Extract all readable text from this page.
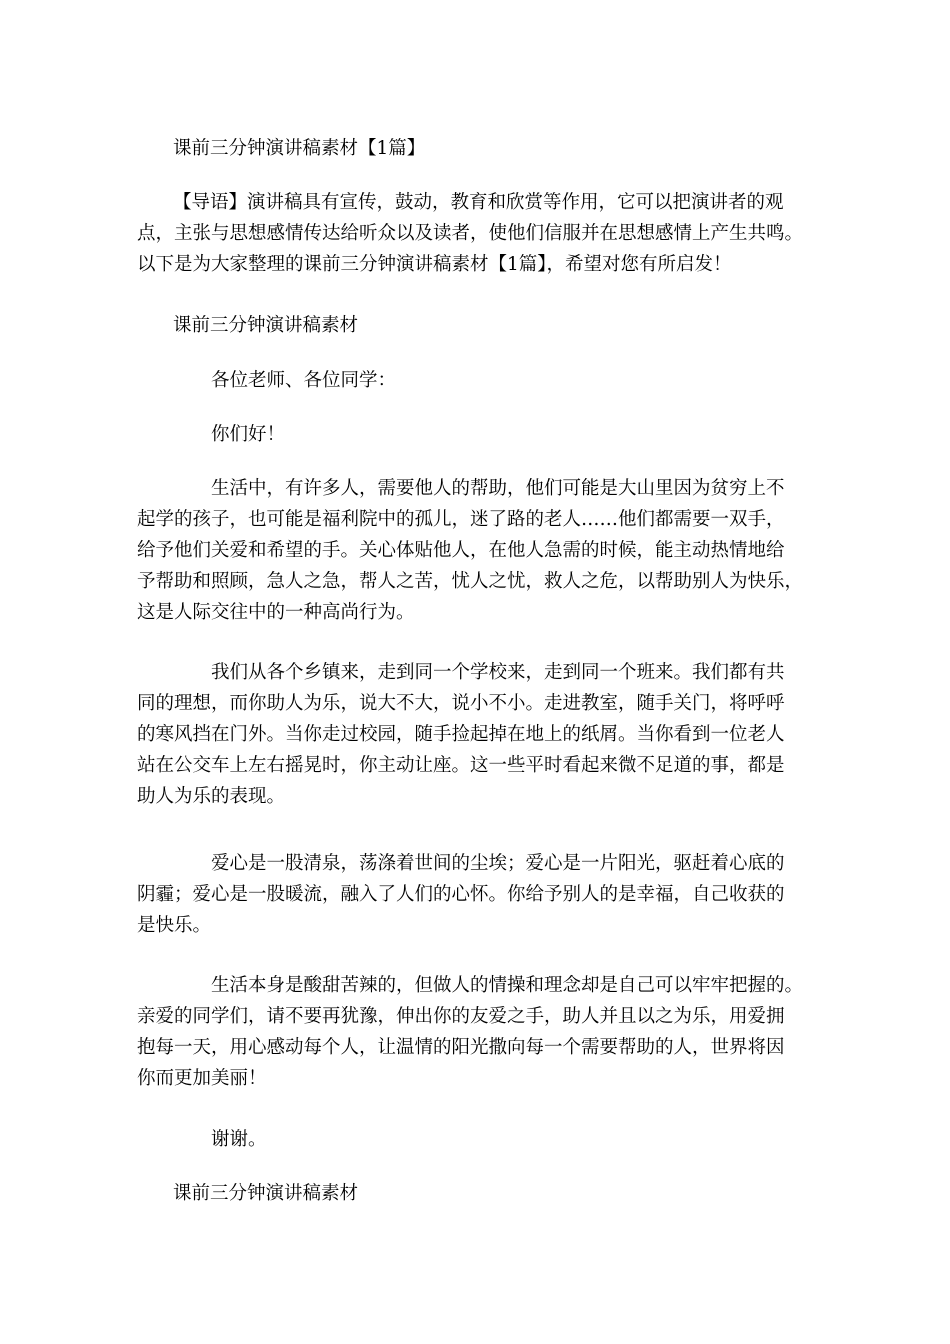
课前三分钟演讲稿素材【1篇】

【导语】演讲稿具有宣传，鼓动，教育和欣赏等作用，它可以把演讲者的观
点，主张与思想感情传达给听众以及读者，使他们信服并在思想感情上产生共鸣。
以下是为大家整理的课前三分钟演讲稿素材【1篇】，希望对您有所启发！

课前三分钟演讲稿素材

各位老师、各位同学：

你们好！

生活中，有许多人，需要他人的帮助，他们可能是大山里因为贫穷上不
起学的孩子，也可能是福利院中的孤儿，迷了路的老人……他们都需要一双手，
给予他们关爱和希望的手。关心体贴他人，在他人急需的时候，能主动热情地给
予帮助和照顾，急人之急，帮人之苦，忧人之忧，救人之危，以帮助别人为快乐，
这是人际交往中的一种高尚行为。

我们从各个乡镇来，走到同一个学校来，走到同一个班来。我们都有共
同的理想，而你助人为乐，说大不大，说小不小。走进教室，随手关门，将呼呼
的寒风挡在门外。当你走过校园，随手捡起掉在地上的纸屑。当你看到一位老人
站在公交车上左右摇晃时，你主动让座。这一些平时看起来微不足道的事，都是
助人为乐的表现。

爱心是一股清泉，荡涤着世间的尘埃；爱心是一片阳光，驱赶着心底的
阴霾；爱心是一股暖流，融入了人们的心怀。你给予别人的是幸福，自己收获的
是快乐。

生活本身是酸甜苦辣的，但做人的情操和理念却是自己可以牢牢把握的。
亲爱的同学们，请不要再犹豫，伸出你的友爱之手，助人并且以之为乐，用爱拥
抱每一天，用心感动每个人，让温情的阳光撒向每一个需要帮助的人，世界将因
你而更加美丽！

谢谢。

课前三分钟演讲稿素材
